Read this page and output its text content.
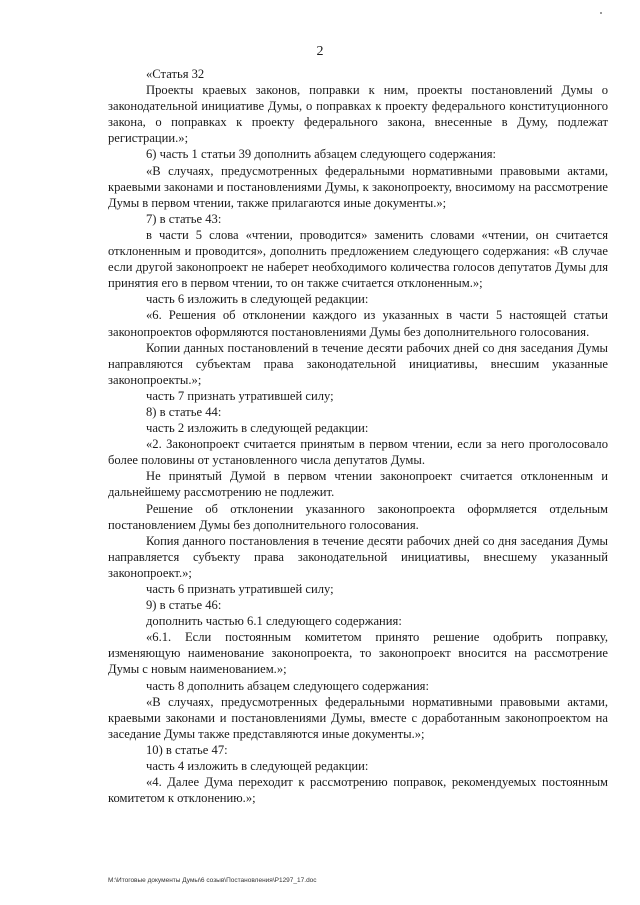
2

«Статья 32

Проекты краевых законов, поправки к ним, проекты постановлений Думы о законодательной инициативе Думы, о поправках к проекту федерального конституционного закона, о поправках к проекту федерального закона, внесенные в Думу, подлежат регистрации.»;

6) часть 1 статьи 39 дополнить абзацем следующего содержания:

«В случаях, предусмотренных федеральными нормативными правовыми актами, краевыми законами и постановлениями Думы, к законопроекту, вносимому на рассмотрение Думы в первом чтении, также прилагаются иные документы.»;

7) в статье 43:

в части 5 слова «чтении, проводится» заменить словами «чтении, он считается отклоненным и проводится», дополнить предложением следующего содержания: «В случае если другой законопроект не наберет необходимого количества голосов депутатов Думы для принятия его в первом чтении, то он также считается отклоненным.»;

часть 6 изложить в следующей редакции:

«6. Решения об отклонении каждого из указанных в части 5 настоящей статьи законопроектов оформляются постановлениями Думы без дополнительного голосования.

Копии данных постановлений в течение десяти рабочих дней со дня заседания Думы направляются субъектам права законодательной инициативы, внесшим указанные законопроекты.»;

часть 7 признать утратившей силу;

8) в статье 44:

часть 2 изложить в следующей редакции:

«2. Законопроект считается принятым в первом чтении, если за него проголосовало более половины от установленного числа депутатов Думы.

Не принятый Думой в первом чтении законопроект считается отклоненным и дальнейшему рассмотрению не подлежит.

Решение об отклонении указанного законопроекта оформляется отдельным постановлением Думы без дополнительного голосования.

Копия данного постановления в течение десяти рабочих дней со дня заседания Думы направляется субъекту права законодательной инициативы, внесшему указанный законопроект.»;

часть 6 признать утратившей силу;

9) в статье 46:

дополнить частью 6.1 следующего содержания:

«6.1. Если постоянным комитетом принято решение одобрить поправку, изменяющую наименование законопроекта, то законопроект вносится на рассмотрение Думы с новым наименованием.»;

часть 8 дополнить абзацем следующего содержания:

«В случаях, предусмотренных федеральными нормативными правовыми актами, краевыми законами и постановлениями Думы, вместе с доработанным законопроектом на заседание Думы также представляются иные документы.»;

10) в статье 47:

часть 4 изложить в следующей редакции:

«4. Далее Дума переходит к рассмотрению поправок, рекомендуемых постоянным комитетом к отклонению.»;

М:\Итоговые документы Думы\6 созыв\Постановления\P1297_17.doc
